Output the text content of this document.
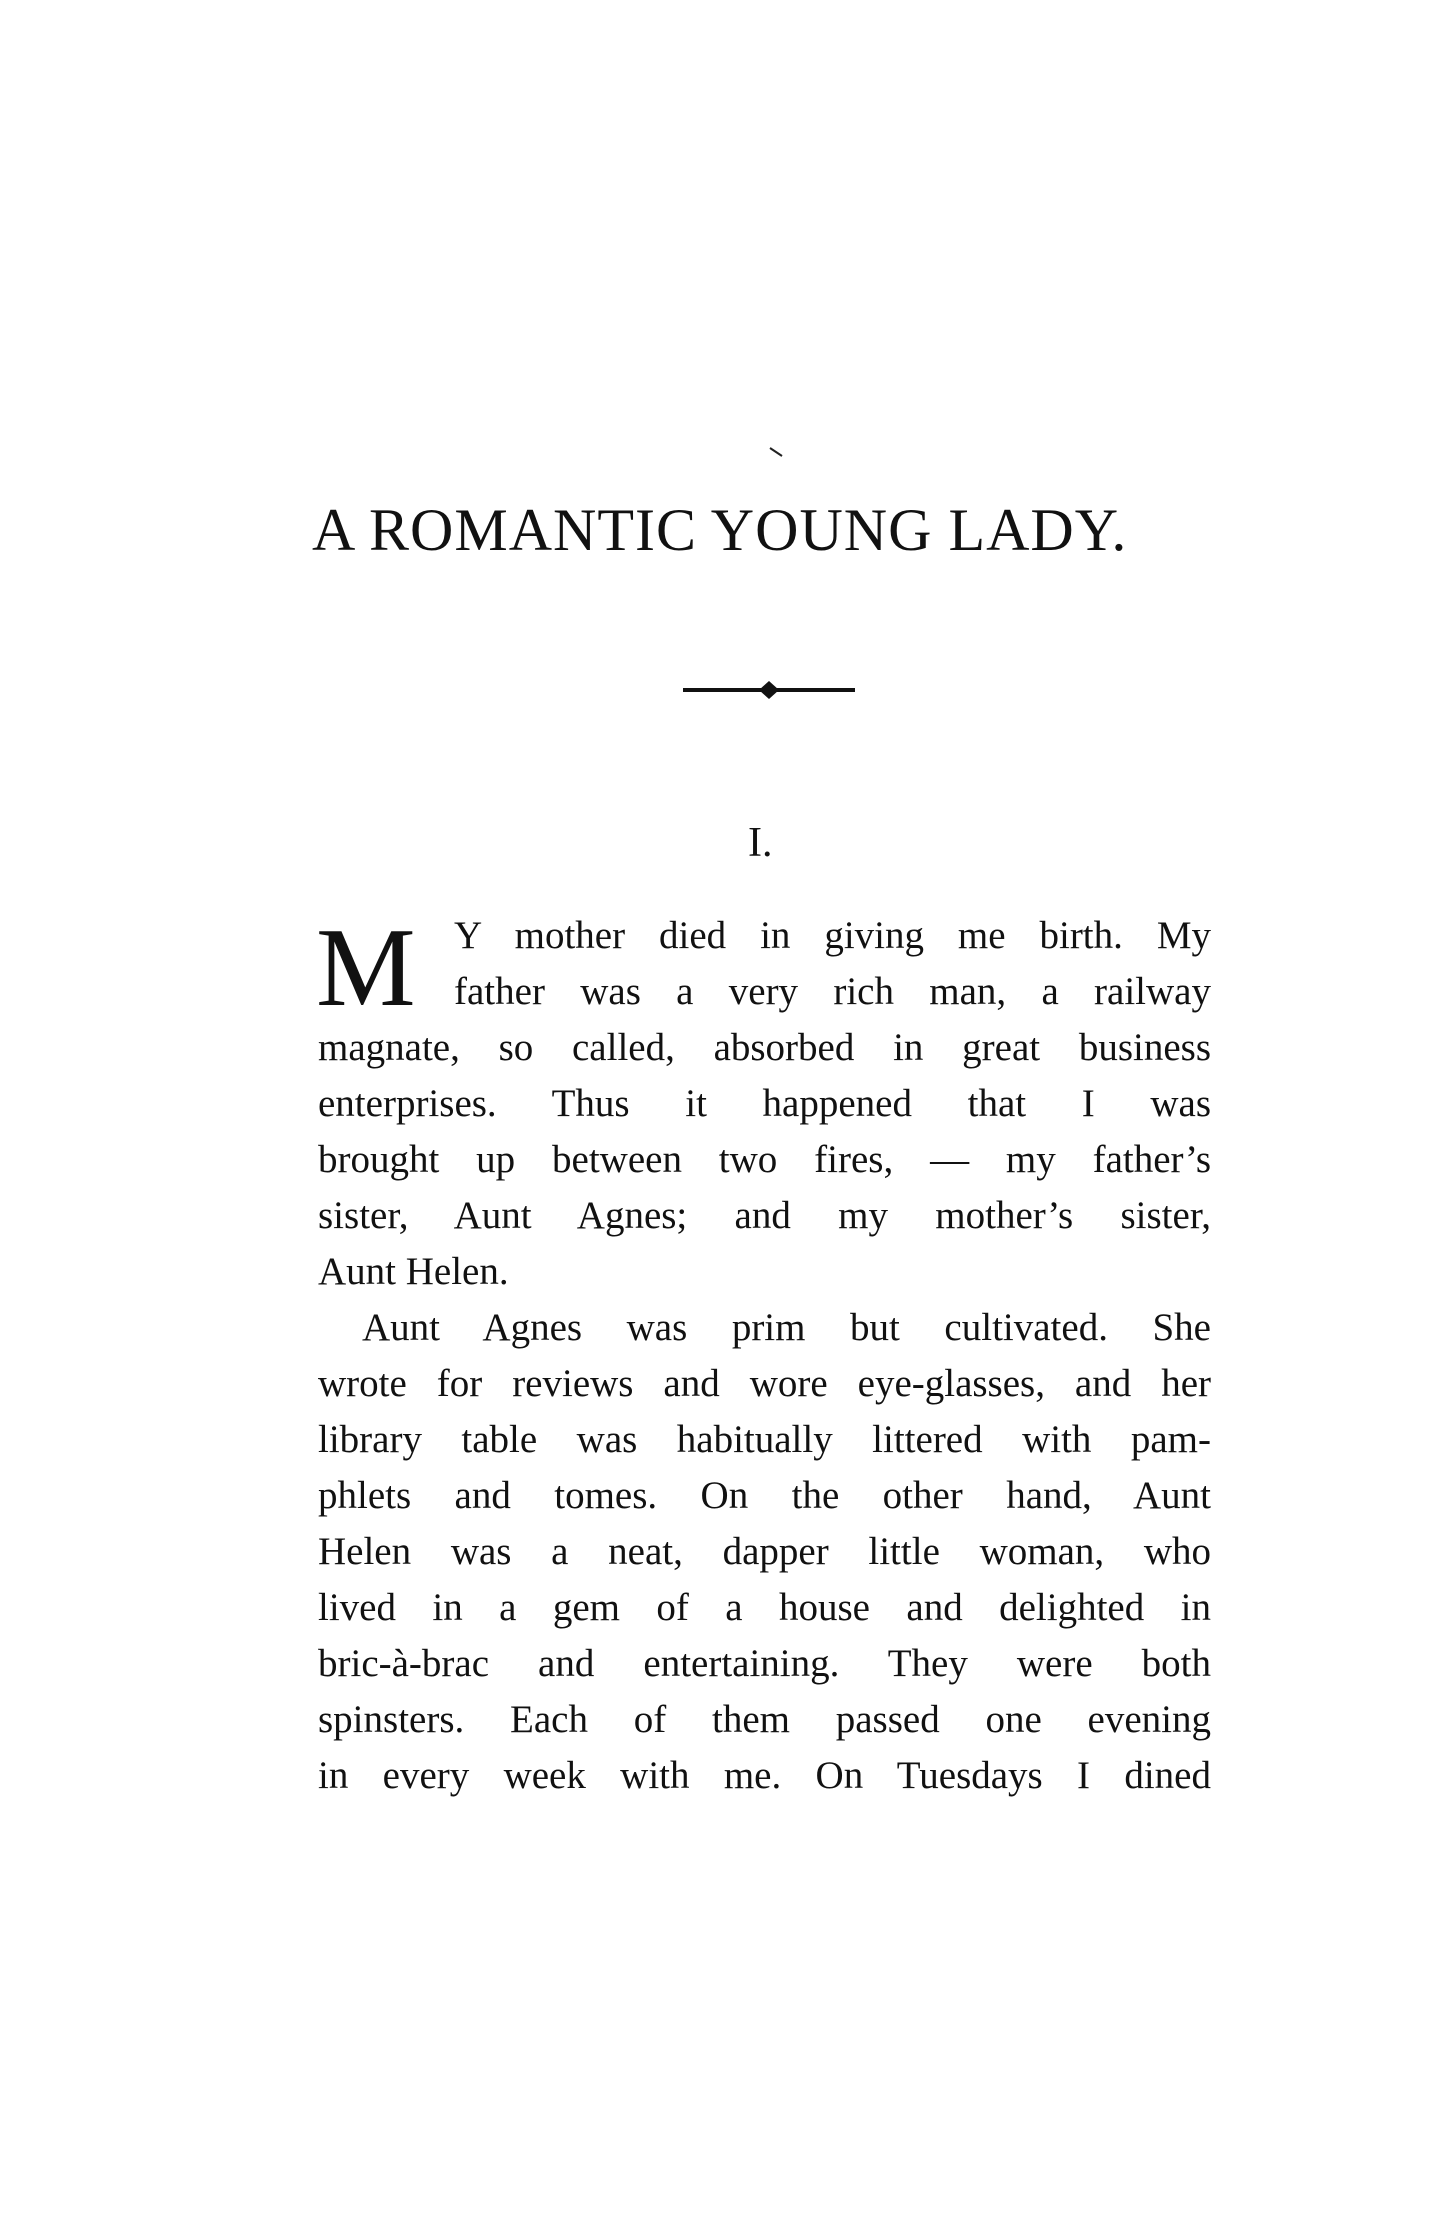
A ROMANTIC YOUNG LADY.
I.
M Y mother died in giving me birth. My
father was a very rich man, a railway
magnate, so called, absorbed in great business
enterprises. Thus it happened that I was
brought up between two fires, — my father’s
sister, Aunt Agnes; and my mother’s sister,
Aunt Helen.
Aunt Agnes was prim but cultivated. She
wrote for reviews and wore eye-glasses, and her
library table was habitually littered with pam-
phlets and tomes. On the other hand, Aunt
Helen was a neat, dapper little woman, who
lived in a gem of a house and delighted in
bric-à-brac and entertaining. They were both
spinsters. Each of them passed one evening
in every week with me. On Tuesdays I dined
